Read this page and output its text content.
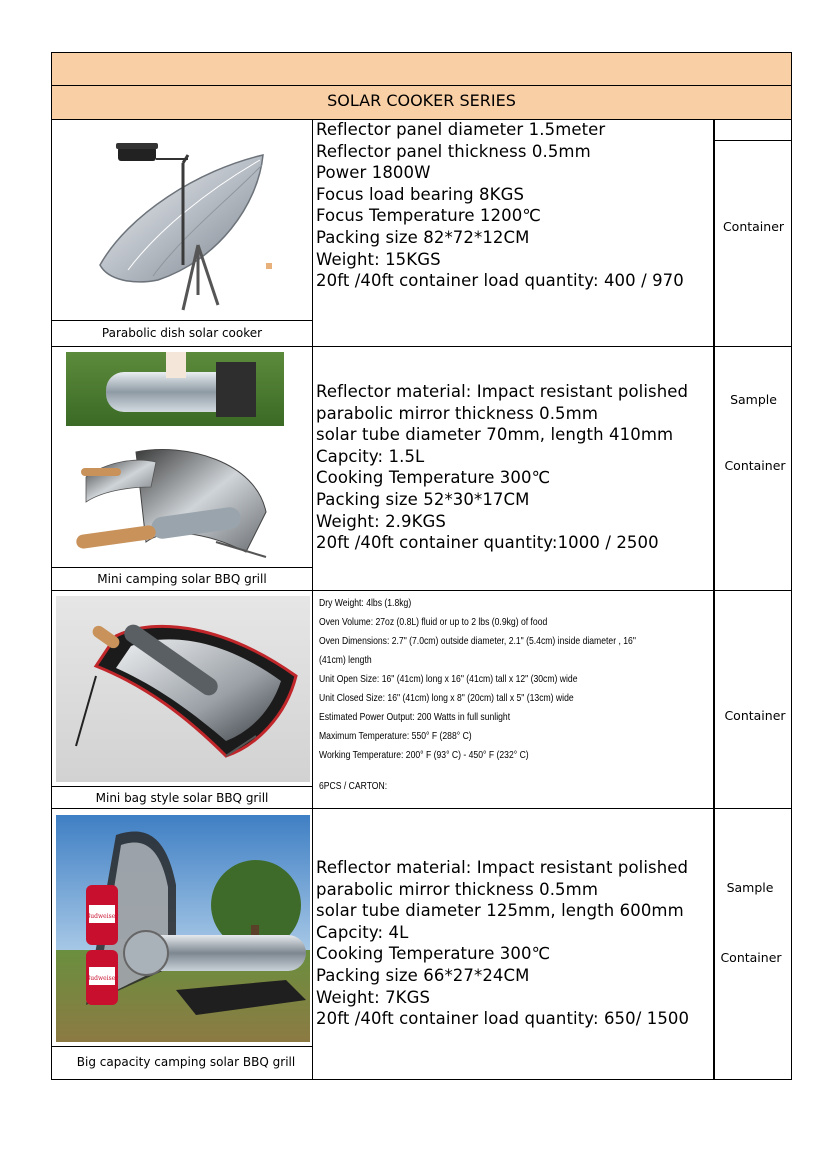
SOLAR COOKER SERIES
Reflector panel diameter 1.5meter
Reflector panel thickness 0.5mm
Power 1800W
Focus load bearing 8KGS
Focus Temperature 1200℃
Packing size 82*72*12CM
Weight: 15KGS
20ft /40ft container load quantity: 400 / 970
Parabolic dish solar cooker
Container
Reflector material: Impact resistant polished
parabolic mirror thickness 0.5mm
solar tube diameter 70mm, length 410mm
Capcity: 1.5L
Cooking Temperature 300℃
Packing size 52*30*17CM
Weight: 2.9KGS
20ft /40ft container quantity:1000 / 2500
Mini camping solar BBQ grill
Sample
Container
Dry Weight: 4lbs (1.8kg)
Oven Volume: 27oz (0.8L) fluid or up to 2 lbs (0.9kg) of food
Oven Dimensions: 2.7" (7.0cm) outside diameter, 2.1" (5.4cm) inside diameter , 16"
(41cm) length
Unit Open Size: 16" (41cm) long x 16" (41cm) tall x 12" (30cm) wide
Unit Closed Size: 16" (41cm) long x 8" (20cm) tall x 5" (13cm) wide
Estimated Power Output: 200 Watts in full sunlight
Maximum Temperature: 550° F (288° C)
Working Temperature: 200° F (93° C) - 450° F (232° C)
6PCS / CARTON:
Mini bag style solar BBQ grill
Container
Budweiser
Budweiser
Reflector material: Impact resistant polished
parabolic mirror thickness 0.5mm
solar tube diameter 125mm, length 600mm
Capcity: 4L
Cooking Temperature 300℃
Packing size 66*27*24CM
Weight: 7KGS
20ft /40ft container load quantity: 650/ 1500
Big capacity camping solar BBQ grill
Sample
Container
